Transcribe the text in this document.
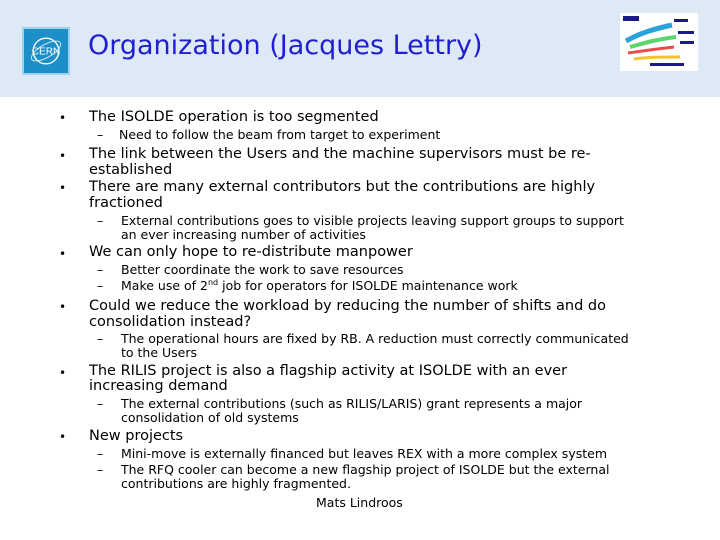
CERN Organization (Jacques Lettry)
• The ISOLDE operation is too segmented
– Need to follow the beam from target to experiment
• The link between the Users and the machine supervisors must be re-
established
• There are many external contributors but the contributions are highly
fractioned
– External contributions goes to visible projects leaving support groups to support
an ever increasing number of activities
• We can only hope to re-distribute manpower
– Better coordinate the work to save resources
– Make use of 2nd job for operators for ISOLDE maintenance work
• Could we reduce the workload by reducing the number of shifts and do
consolidation instead?
– The operational hours are fixed by RB. A reduction must correctly communicated
to the Users
• The RILIS project is also a flagship activity at ISOLDE with an ever
increasing demand
– The external contributions (such as RILIS/LARIS) grant represents a major
consolidation of old systems
• New projects
– Mini-move is externally financed but leaves REX with a more complex system
– The RFQ cooler can become a new flagship project of ISOLDE but the external
contributions are highly fragmented.
Mats Lindroos
